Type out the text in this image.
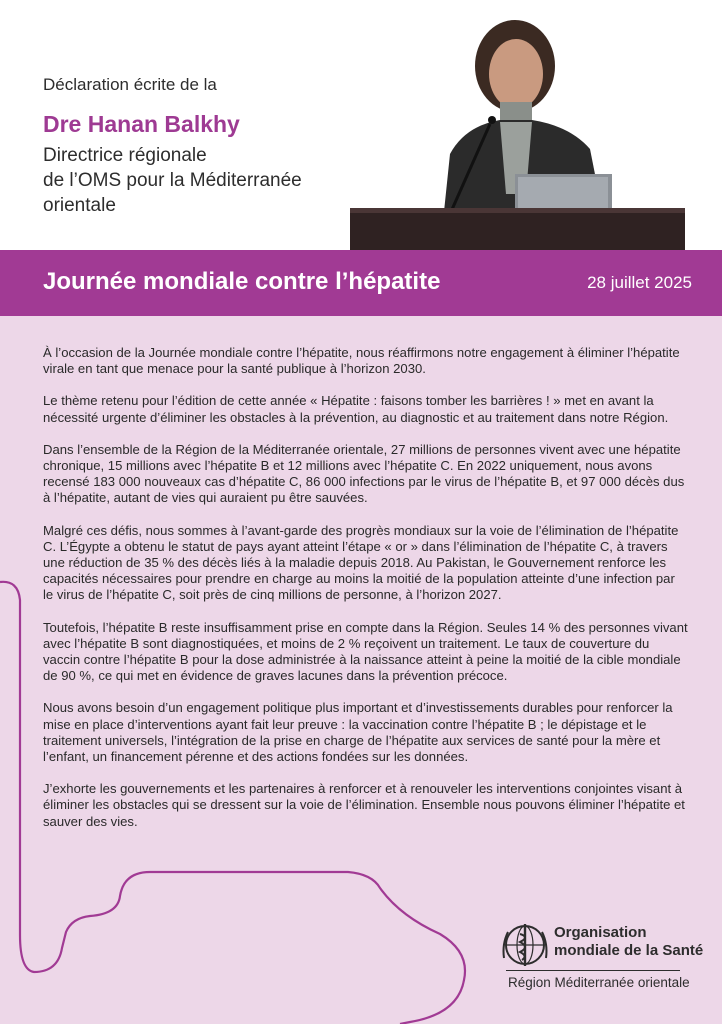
Déclaration écrite de la
Dre Hanan Balkhy
Directrice régionale
de l’OMS pour la Méditerranée
orientale
Journée mondiale contre l’hépatite	28 juillet 2025

À l’occasion de la Journée mondiale contre l’hépatite, nous réaffirmons notre engagement à éliminer l’hépatite virale en tant que menace pour la santé publique à l’horizon 2030.

Le thème retenu pour l’édition de cette année « Hépatite : faisons tomber les barrières ! » met en avant la nécessité urgente d’éliminer les obstacles à la prévention, au diagnostic et au traitement dans notre Région.

Dans l’ensemble de la Région de la Méditerranée orientale, 27 millions de personnes vivent avec une hépatite chronique, 15 millions avec l’hépatite B et 12 millions avec l’hépatite C. En 2022 uniquement, nous avons recensé 183 000 nouveaux cas d’hépatite C, 86 000 infections par le virus de l’hépatite B, et 97 000 décès dus à l’hépatite, autant de vies qui auraient pu être sauvées.

Malgré ces défis, nous sommes à l’avant-garde des progrès mondiaux sur la voie de l’élimination de l’hépatite C. L’Égypte a obtenu le statut de pays ayant atteint l’étape « or » dans l’élimination de l’hépatite C, à travers une réduction de 35 % des décès liés à la maladie depuis 2018. Au Pakistan, le Gouvernement renforce les capacités nécessaires pour prendre en charge au moins la moitié de la population atteinte d’une infection par le virus de l’hépatite C, soit près de cinq millions de personne, à l’horizon 2027.

Toutefois, l’hépatite B reste insuffisamment prise en compte dans la Région. Seules 14 % des personnes vivant avec l’hépatite B sont diagnostiquées, et moins de 2 % reçoivent un traitement. Le taux de couverture du vaccin contre l’hépatite B pour la dose administrée à la naissance atteint à peine la moitié de la cible mondiale de 90 %, ce qui met en évidence de graves lacunes dans la prévention précoce.

Nous avons besoin d’un engagement politique plus important et d’investissements durables pour renforcer la mise en place d’interventions ayant fait leur preuve : la vaccination contre l’hépatite B ; le dépistage et le traitement universels, l’intégration de la prise en charge de l’hépatite aux services de santé pour la mère et l’enfant, un financement pérenne et des actions fondées sur les données.

J’exhorte les gouvernements et les partenaires à renforcer et à renouveler les interventions conjointes visant à éliminer les obstacles qui se dressent sur la voie de l’élimination. Ensemble nous pouvons éliminer l’hépatite et sauver des vies.

Organisation
mondiale de la Santé
Région Méditerranée orientale
